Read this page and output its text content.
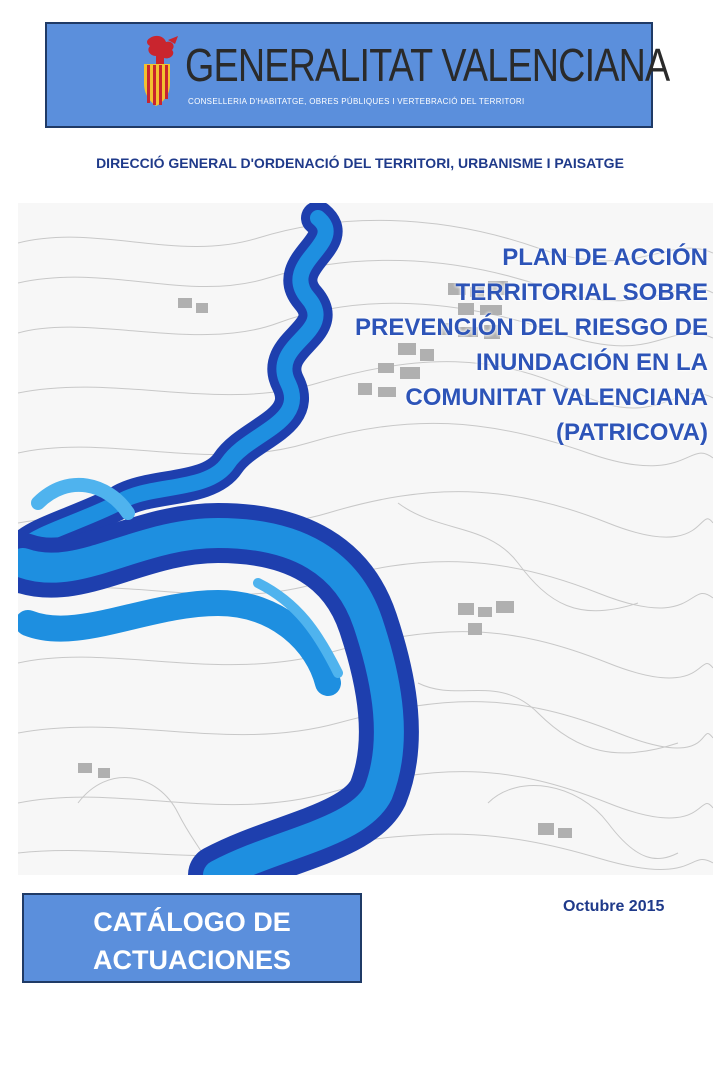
GENERALITAT VALENCIANA
CONSELLERIA D'HABITATGE, OBRES PÚBLIQUES I VERTEBRACIÓ DEL TERRITORI
DIRECCIÓ GENERAL D'ORDENACIÓ DEL TERRITORI, URBANISME I PAISATGE
PLAN DE ACCIÓN
TERRITORIAL SOBRE
PREVENCIÓN DEL RIESGO DE
INUNDACIÓN EN LA
COMUNITAT VALENCIANA
(PATRICOVA)
CATÁLOGO DE
ACTUACIONES
Octubre 2015
